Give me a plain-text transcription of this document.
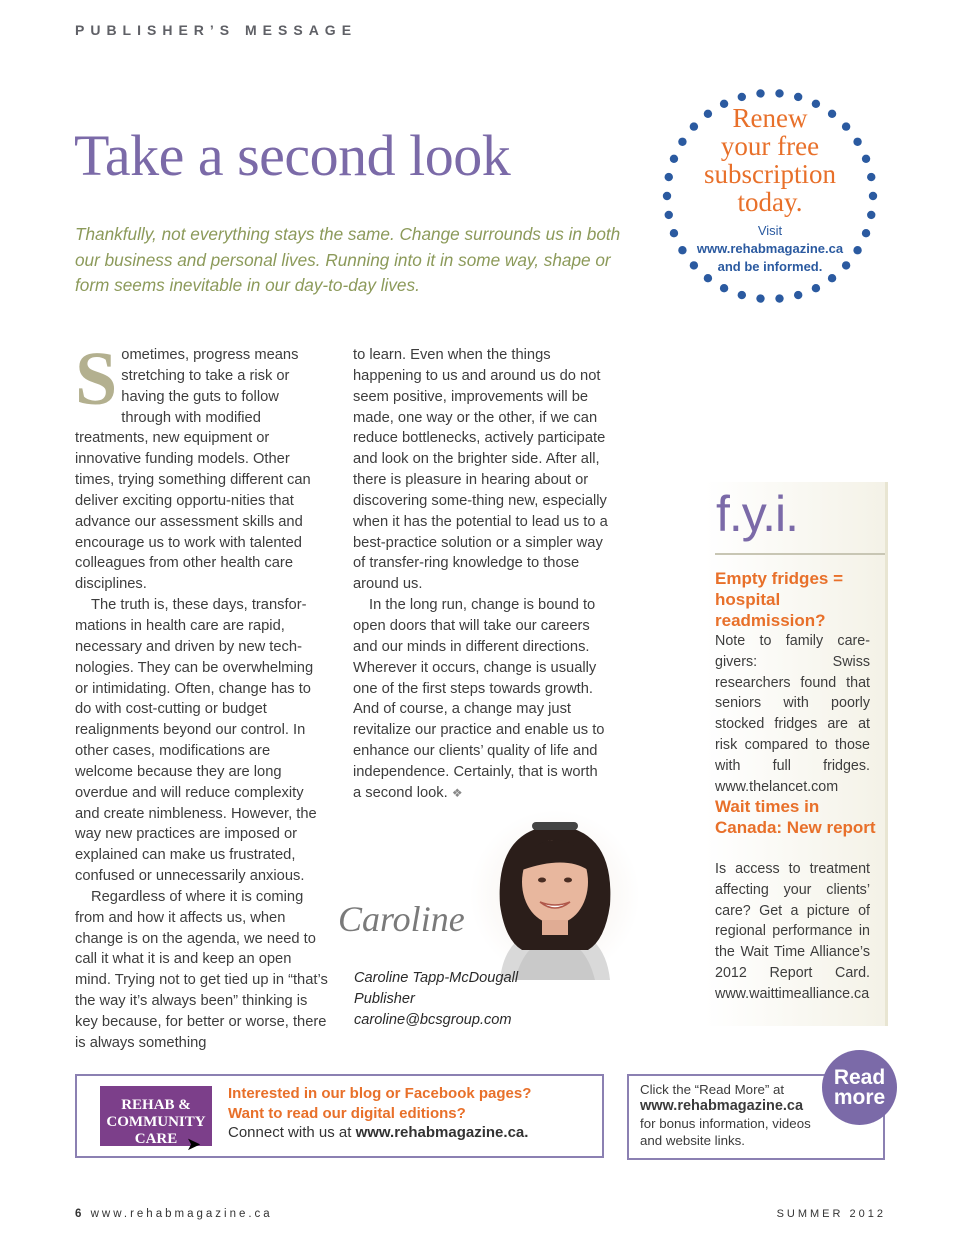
PUBLISHER’S MESSAGE
Take a second look
Thankfully, not everything stays the same. Change surrounds us in both our business and personal lives. Running into it in some way, shape or form seems inevitable in our day-to-day lives.

Sometimes, progress means stretching to take a risk or having the guts to follow through with modified treatments, new equipment or innovative funding models. Other times, trying something different can deliver exciting opportu-nities that advance our assessment skills and encourage us to work with talented colleagues from other health care disciplines.

The truth is, these days, transfor-mations in health care are rapid, necessary and driven by new tech-nologies. They can be overwhelming or intimidating. Often, change has to do with cost-cutting or budget realignments beyond our control. In other cases, modifications are welcome because they are long overdue and will reduce complexity and create nimbleness. However, the way new practices are imposed or explained can make us frustrated, confused or unnecessarily anxious.

Regardless of where it is coming from and how it affects us, when change is on the agenda, we need to call it what it is and keep an open mind. Trying not to get tied up in “that’s the way it’s always been” thinking is key because, for better or worse, there is always something

to learn. Even when the things happening to us and around us do not seem positive, improvements will be made, one way or the other, if we can reduce bottlenecks, actively participate and look on the brighter side. After all, there is pleasure in hearing about or discovering some-thing new, especially when it has the potential to lead us to a best-practice solution or a simpler way of transfer-ring knowledge to those around us.

In the long run, change is bound to open doors that will take our careers and our minds in different directions. Wherever it occurs, change is usually one of the first steps towards growth. And of course, a change may just revitalize our practice and enable us to enhance our clients’ quality of life and independence. Certainly, that is worth a second look. ❖

Renew
your free
subscription
today.
Visit
www.rehabmagazine.ca
and be informed.
f.y.i.
Empty fridges = hospital readmission?
Note to family care-givers: Swiss researchers found that seniors with poorly stocked fridges are at risk compared to those with full fridges. www.thelancet.com
Wait times in Canada: New report
Is access to treatment affecting your clients’ care? Get a picture of regional performance in the Wait Time Alliance’s 2012 Report Card. www.waittimealliance.ca
Caroline
Caroline Tapp-McDougall
Publisher
caroline@bcsgroup.com
REHAB &
COMMUNITY CARE ➤
Interested in our blog or Facebook pages?
Want to read our digital editions?
Connect with us at www.rehabmagazine.ca.
Click the “Read More” at
www.rehabmagazine.ca
for bonus information, videos
and website links.
Read
more
6 www.rehabmagazine.ca	SUMMER 2012
